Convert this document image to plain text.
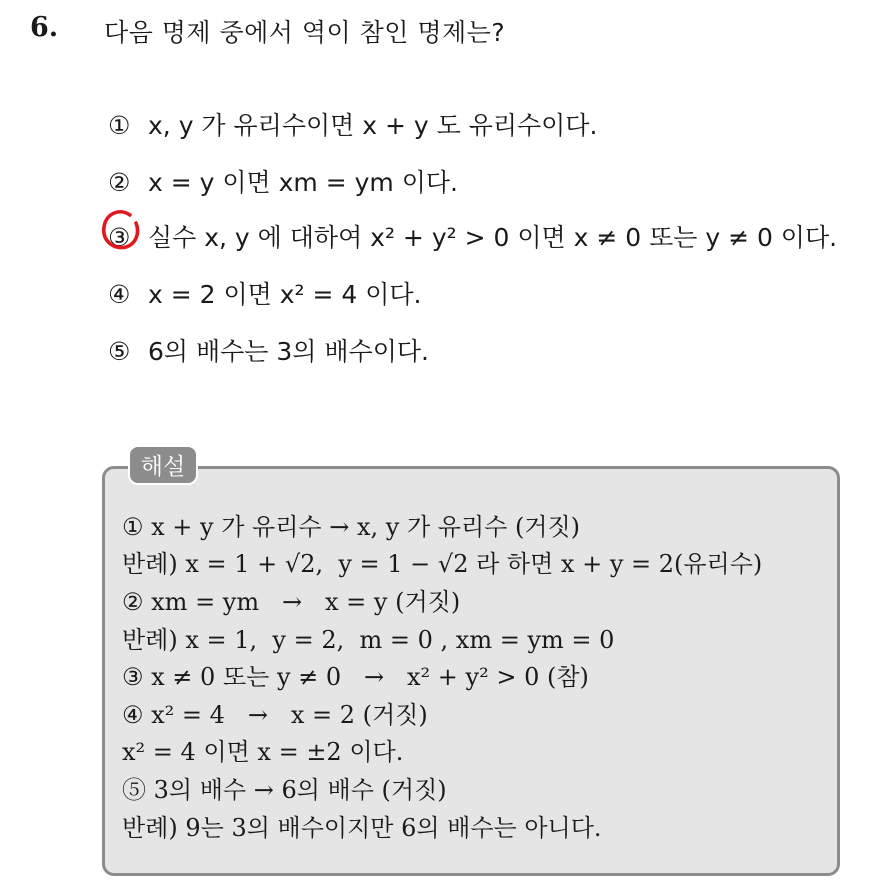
6. 다음 명제 중에서 역이 참인 명제는?
① x, y 가 유리수이면 x + y 도 유리수이다.
② x = y 이면 xm = ym 이다.
③ 실수 x, y 에 대하여 x² + y² > 0 이면 x ≠ 0 또는 y ≠ 0 이다.
④ x = 2 이면 x² = 4 이다.
⑤ 6의 배수는 3의 배수이다.
해설
① x + y 가 유리수 → x, y 가 유리수 (거짓)
반례) x = 1 + √2,  y = 1 − √2 라 하면 x + y = 2(유리수)
② xm = ym   →   x = y (거짓)
반례) x = 1,  y = 2,  m = 0 , xm = ym = 0
③ x ≠ 0 또는 y ≠ 0   →   x² + y² > 0 (참)
④ x² = 4   →   x = 2 (거짓)
x² = 4 이면 x = ±2 이다.
⑤ 3의 배수 → 6의 배수 (거짓)
반례) 9는 3의 배수이지만 6의 배수는 아니다.
